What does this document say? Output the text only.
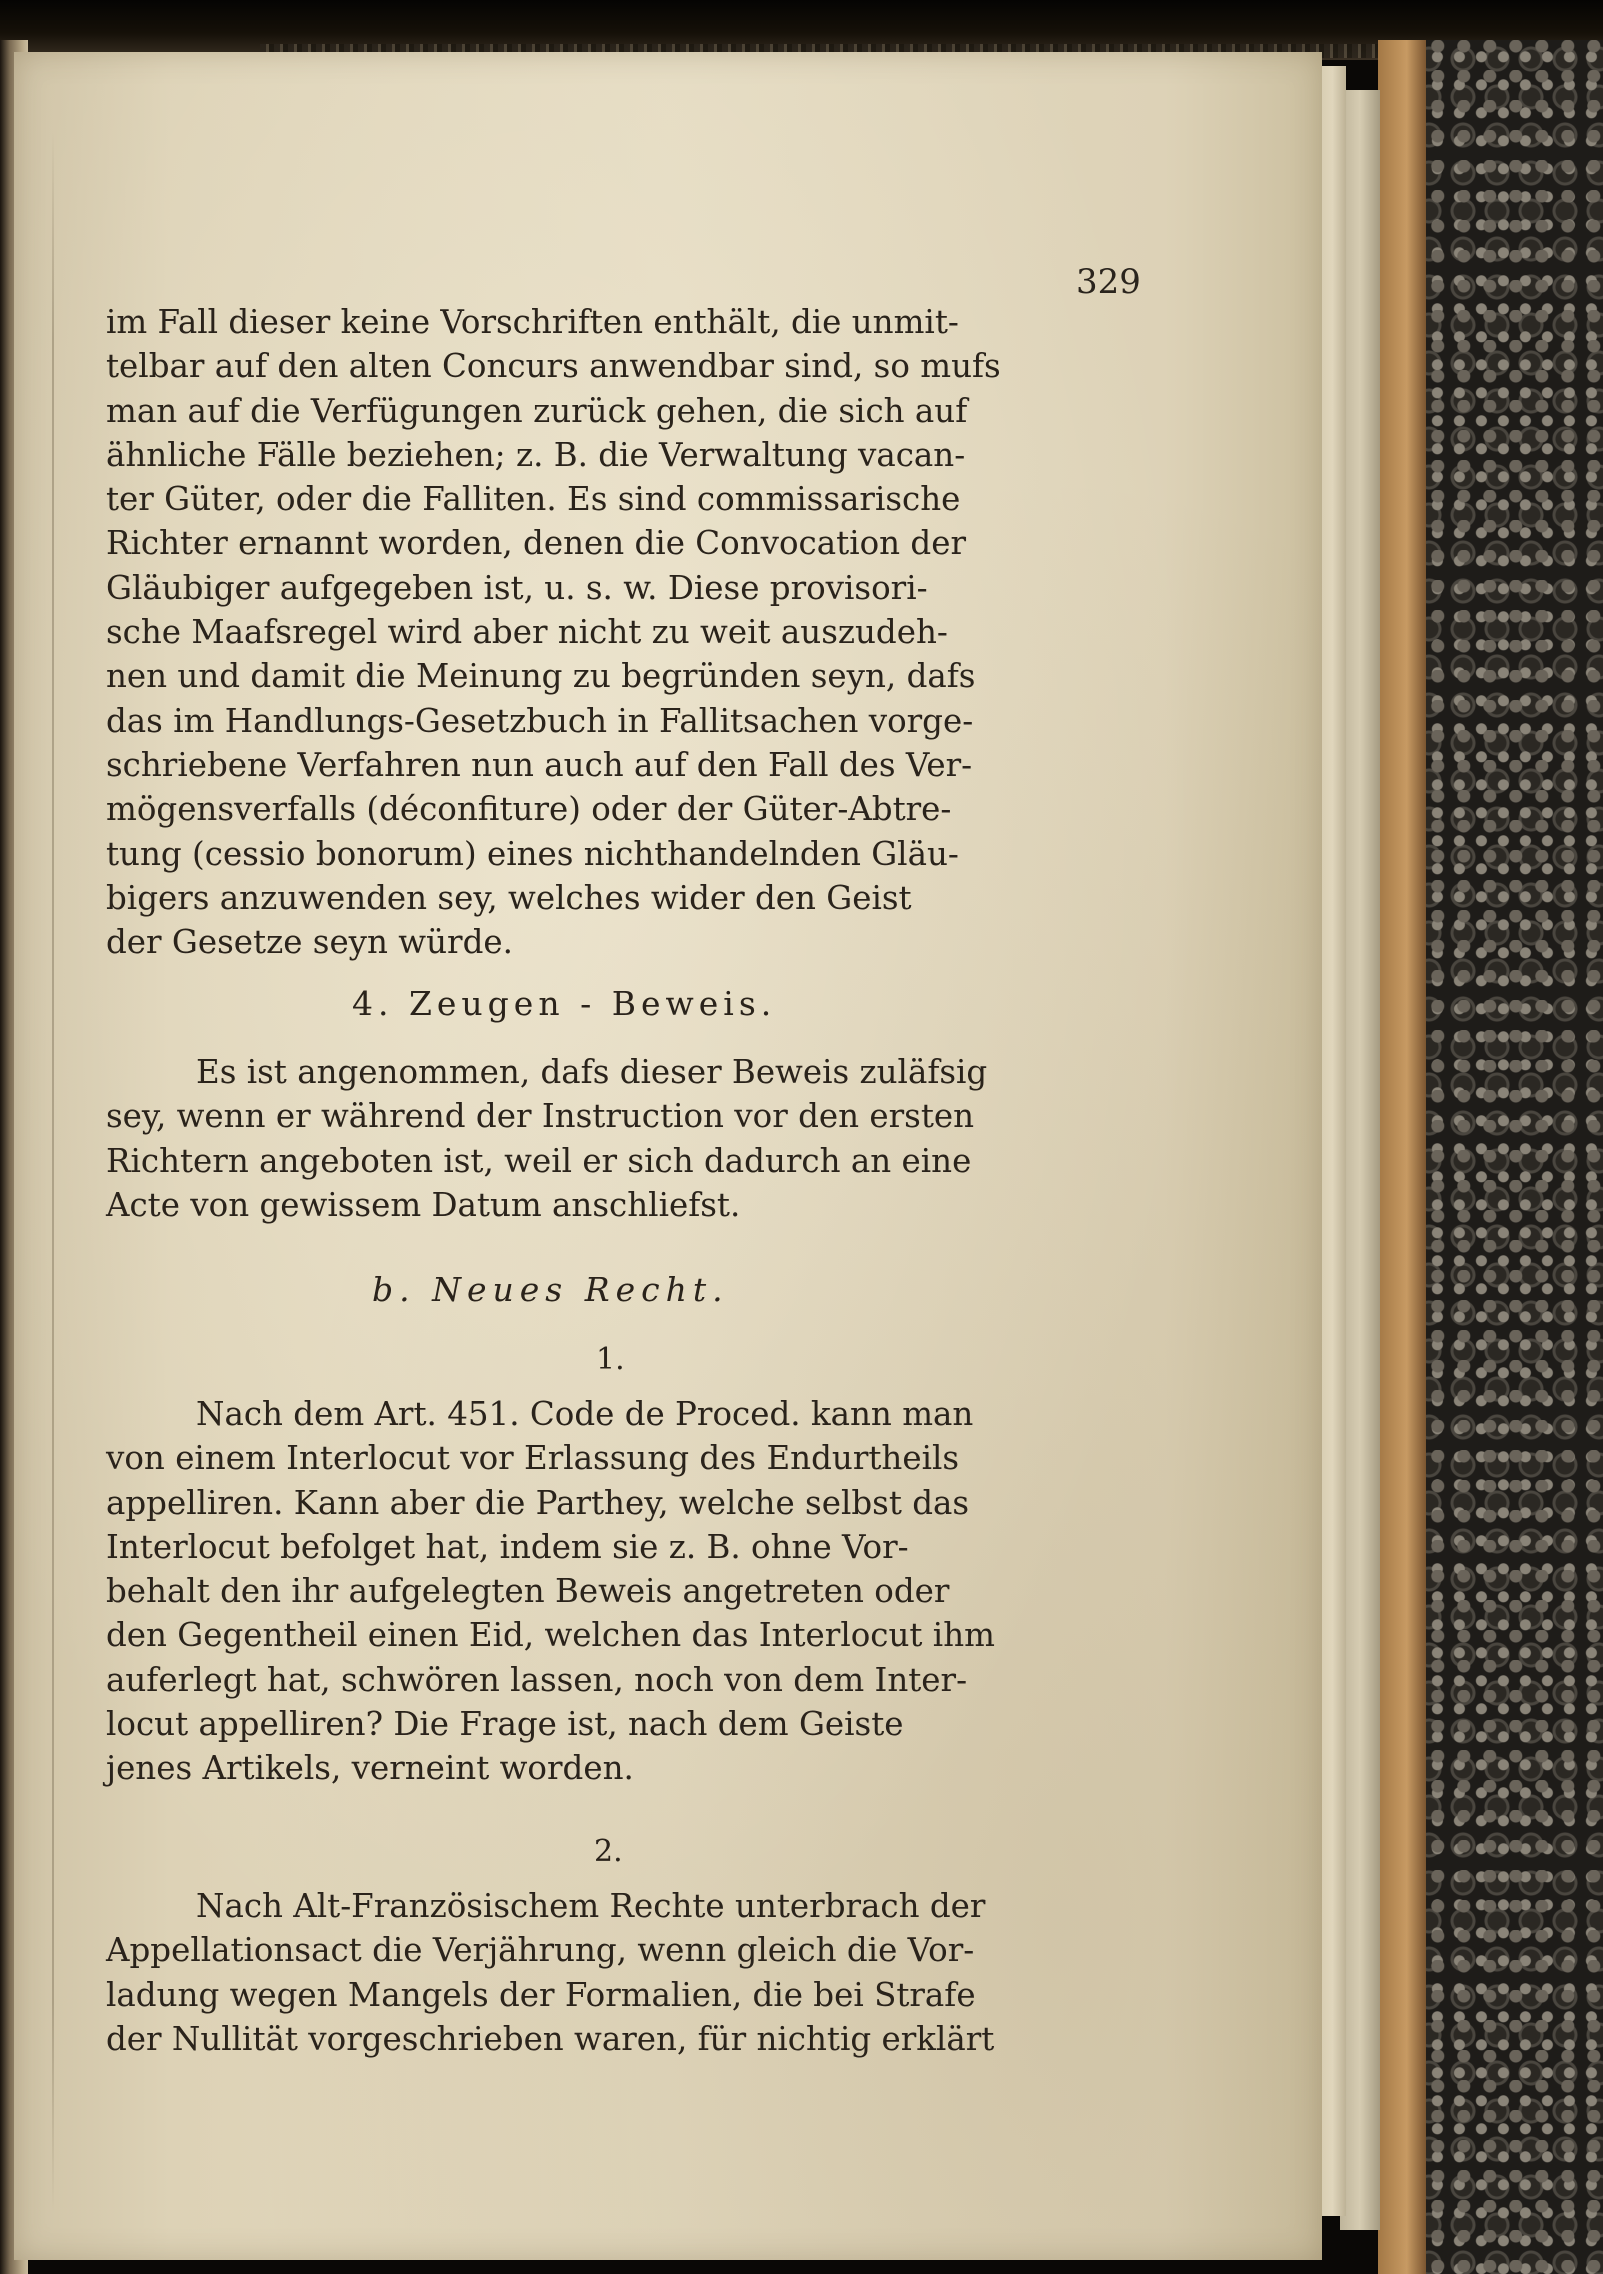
329
im Fall dieser keine Vorschriften enthält, die unmit-
telbar auf den alten Concurs anwendbar sind, so mufs
man auf die Verfügungen zurück gehen, die sich auf
ähnliche Fälle beziehen; z. B. die Verwaltung vacan-
ter Güter, oder die Falliten. Es sind commissarische
Richter ernannt worden, denen die Convocation der
Gläubiger aufgegeben ist, u. s. w. Diese provisori-
sche Maafsregel wird aber nicht zu weit auszudeh-
nen und damit die Meinung zu begründen seyn, dafs
das im Handlungs-Gesetzbuch in Fallitsachen vorge-
schriebene Verfahren nun auch auf den Fall des Ver-
mögensverfalls (déconfiture) oder der Güter-Abtre-
tung (cessio bonorum) eines nichthandelnden Gläu-
bigers anzuwenden sey, welches wider den Geist
der Gesetze seyn würde.
4. Zeugen - Beweis.
Es ist angenommen, dafs dieser Beweis zuläfsig
sey, wenn er während der Instruction vor den ersten
Richtern angeboten ist, weil er sich dadurch an eine
Acte von gewissem Datum anschliefst.
b. Neues Recht.
1.
Nach dem Art. 451. Code de Proced. kann man
von einem Interlocut vor Erlassung des Endurtheils
appelliren. Kann aber die Parthey, welche selbst das
Interlocut befolget hat, indem sie z. B. ohne Vor-
behalt den ihr aufgelegten Beweis angetreten oder
den Gegentheil einen Eid, welchen das Interlocut ihm
auferlegt hat, schwören lassen, noch von dem Inter-
locut appelliren? Die Frage ist, nach dem Geiste
jenes Artikels, verneint worden.
2.
Nach Alt-Französischem Rechte unterbrach der
Appellationsact die Verjährung, wenn gleich die Vor-
ladung wegen Mangels der Formalien, die bei Strafe
der Nullität vorgeschrieben waren, für nichtig erklärt
